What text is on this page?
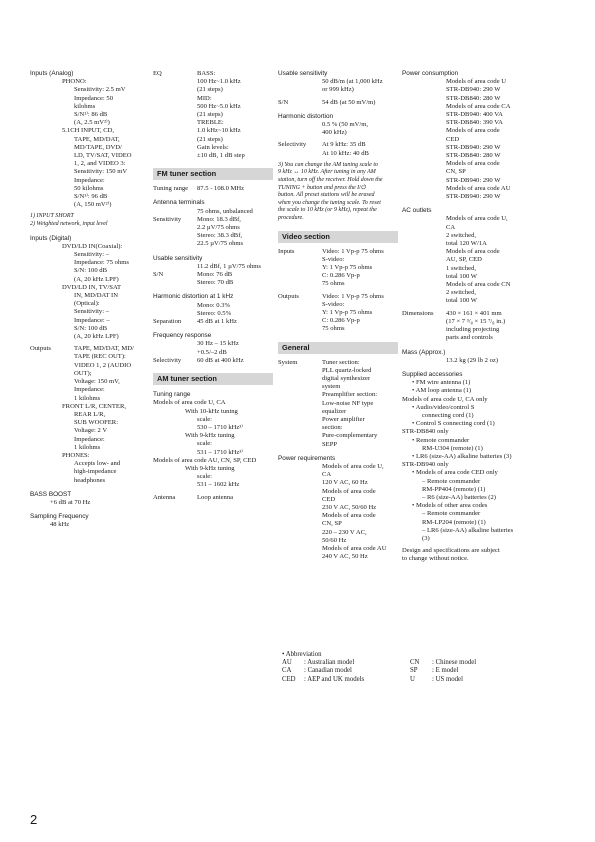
Inputs (Analog)
PHONO:
Sensitivity: 2.5 mV
Impedance: 50
kilohms
S/N¹⁾: 86 dB
(A, 2.5 mV²⁾)
5.1CH INPUT, CD,
TAPE, MD/DAT,
MD/TAPE, DVD/
LD, TV/SAT, VIDEO
1, 2, and VIDEO 3:
Sensitivity: 150 mV
Impedance:
50 kilohms
S/N¹⁾: 96 dB
(A, 150 mV²⁾)
1) INPUT SHORT
2) Weighted network, input level
Inputs (Digital)
DVD/LD IN(Coaxial):
Sensitivity: –
Impedance: 75 ohms
S/N: 100 dB
(A, 20 kHz LPF)
DVD/LD IN, TV/SAT
IN, MD/DAT IN
(Optical):
Sensitivity: –
Impedance: –
S/N: 100 dB
(A, 20 kHz LPF)
Outputs	TAPE, MD/DAT, MD/
TAPE (REC OUT):
VIDEO 1, 2 (AUDIO
OUT);
Voltage: 150 mV,
Impedance:
1 kilohms
FRONT L/R, CENTER,
REAR L/R,
SUB WOOFER:
Voltage: 2 V
Impedance:
1 kilohms
PHONES:
Accepts low- and
high-impedance
headphones
BASS BOOST
+6 dB at 70 Hz
Sampling Frequency
48 kHz
EQ	BASS:
100 Hz~1.0 kHz
(21 steps)
MID:
500 Hz~5.0 kHz
(21 steps)
TREBLE:
1.0 kHz~10 kHz
(21 steps)
Gain levels:
±10 dB, 1 dB step
FM tuner section
Tuning range	87.5 - 108.0 MHz
Antenna terminals
75 ohms, unbalanced
Sensitivity	Mono: 18.3 dBf,
2.2 µV/75 ohms
Stereo: 38.3 dBf,
22.5 µV/75 ohms
Usable sensitivity
11.2 dBf, 1 µV/75 ohms
S/N	Mono: 76 dB
Stereo: 70 dB
Harmonic distortion at 1 kHz
Mono: 0.3%
Stereo: 0.5%
Separation	45 dB at 1 kHz
Frequency response
30 Hz – 15 kHz
+0.5/–2 dB
Selectivity	60 dB at 400 kHz
AM tuner section
Tuning range
Models of area code U, CA
With 10-kHz tuning
scale:
530 – 1710 kHz³⁾
With 9-kHz tuning
scale:
531 – 1710 kHz³⁾
Models of area code AU, CN, SP, CED
With 9-kHz tuning
scale:
531 – 1602 kHz
Antenna	Loop antenna
Usable sensitivity
50 dB/m (at 1,000 kHz
or 999 kHz)
S/N	54 dB (at 50 mV/m)
Harmonic distortion
0.5 % (50 mV/m,
400 kHz)
Selectivity	At 9 kHz: 35 dB
At 10 kHz: 40 dB
3) You can change the AM tuning scale to
9 kHz ↔ 10 kHz. After tuning in any AM
station, turn off the receiver. Hold down the
TUNING + button and press the I/⏻
button. All preset stations will be erased
when you change the tuning scale. To reset
the scale to 10 kHz (or 9 kHz), repeat the
procedure.
Video section
Inputs	Video: 1 Vp-p 75 ohms
S-video:
Y: 1 Vp-p 75 ohms
C: 0.286 Vp-p
75 ohms
Outputs	Video: 1 Vp-p 75 ohms
S-video:
Y: 1 Vp-p 75 ohms
C: 0.286 Vp-p
75 ohms
General
System	Tuner section:
PLL quartz-locked
digital synthesizer
system
Preamplifier section:
Low-noise NF type
equalizer
Power amplifier
section:
Pure-complementary
SEPP
Power requirements
Models of area code U,
CA
120 V AC, 60 Hz
Models of area code
CED
230 V AC, 50/60 Hz
Models of area code
CN, SP
220 – 230 V AC,
50/60 Hz
Models of area code AU
240 V AC, 50 Hz
Power consumption
Models of area code U
STR-DB940: 290 W
STR-DB840: 280 W
Models of area code CA
STR-DB940: 400 VA
STR-DB840: 390 VA
Models of area code
CED
STR-DB940: 290 W
STR-DB840: 280 W
Models of area code
CN, SP
STR-DB940: 290 W
Models of area code AU
STR-DB940: 290 W
AC outlets
Models of area code U,
CA
2 switched,
total 120 W/1A
Models of area code
AU, SP, CED
1 switched,
total 100 W
Models of area code CN
2 switched,
total 100 W
Dimensions	430 × 161 × 401 mm
(17 × 7 ³/₈ × 15 ⁷/₈ in.)
including projecting
parts and controls
Mass (Approx.)
13.2 kg (29 lb 2 oz)
Supplied accessories
• FM wire antenna (1)
• AM loop antenna (1)
Models of area code U, CA only
• Audio/video/control S
connecting cord (1)
• Control S connecting cord (1)
STR-DB840 only
• Remote commander
RM-U304 (remote) (1)
• LR6 (size-AA) alkaline batteries (3)
STR-DB940 only
• Models of area code CED only
– Remote commander
RM-PP404 (remote) (1)
– R6 (size-AA) batteries (2)
• Models of other area codes
– Remote commander
RM-LP204 (remote) (1)
– LR6 (size-AA) alkaline batteries
(3)
Design and specifications are subject
to change without notice.
• Abbreviation
AU : Australian model
CA : Canadian model
CED : AEP and UK models
CN : Chinese model
SP : E model
U	: US model
2
